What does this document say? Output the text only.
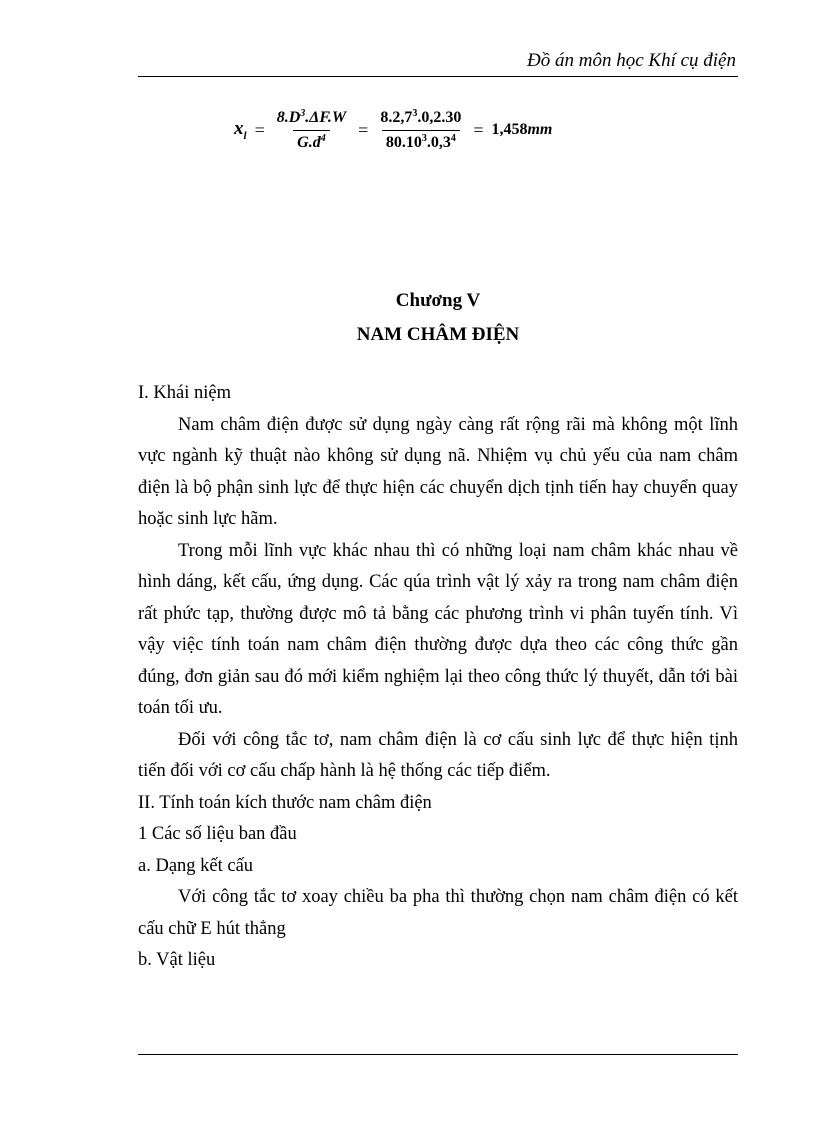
Đồ án môn học Khí cụ điện
$x_l = \frac{8.D^3.\Delta F.W}{G.d^4} = \frac{8.2,7^3.0,2.30}{80.10^3.0,3^4} = 1,458mm$
Chương V
NAM CHÂM ĐIỆN

I. Khái niệm

Nam châm điện được sử dụng ngày càng rất rộng rãi mà không một lĩnh vực ngành kỹ thuật nào không sử dụng nã. Nhiệm vụ chủ yếu của nam châm điện là bộ phận sinh lực để thực hiện các chuyển dịch tịnh tiến hay chuyển quay hoặc sinh lực hãm.

Trong mỗi lĩnh vực khác nhau thì có những loại nam châm khác nhau về hình dáng, kết cấu, ứng dụng. Các qúa trình vật lý xảy ra trong nam châm điện rất phức tạp, thường được mô tả bằng các phương trình vi phân tuyến tính. Vì vậy việc tính toán nam châm điện thường được dựa theo các công thức gần đúng, đơn giản sau đó mới kiểm nghiệm lại theo công thức lý thuyết, dẫn tới bài toán tối ưu.

Đối với công tắc tơ, nam châm điện là cơ cấu sinh lực để thực hiện tịnh tiến đối với cơ cấu chấp hành là hệ thống các tiếp điểm.

II. Tính toán kích thước nam châm điện

1 Các số liệu ban đầu

a. Dạng kết cấu

Với công tắc tơ xoay chiều ba pha thì thường chọn nam châm điện có kết cấu chữ E hút thẳng

b. Vật liệu
